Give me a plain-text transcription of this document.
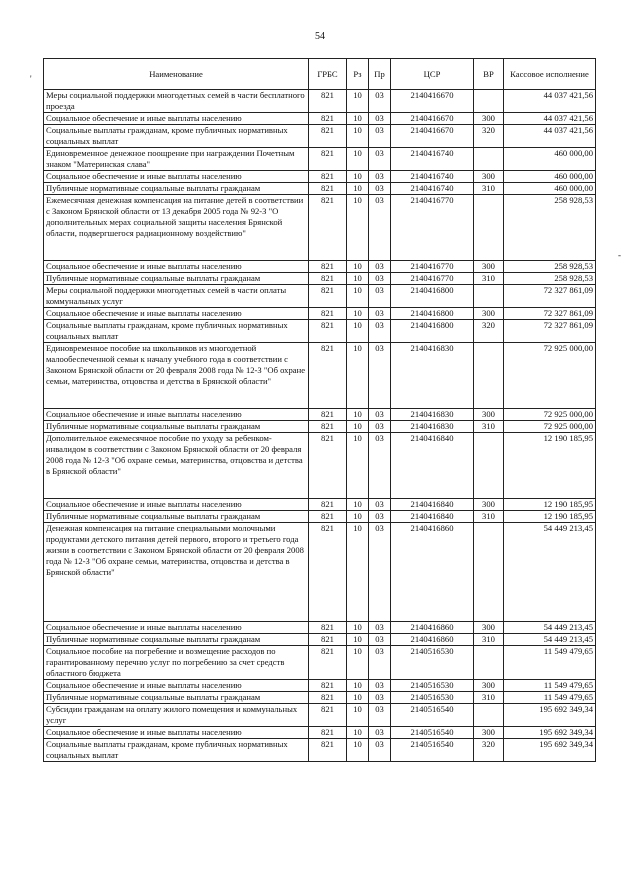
54
'
-
Наименование	ГРБС	Рз	Пр	ЦСР	ВР	Кассовое исполнение
Меры социальной поддержки многодетных семей в части бесплатного проезда	821	10	03	2140416670		44 037 421,56
Социальное обеспечение и иные выплаты населению	821	10	03	2140416670	300	44 037 421,56
Социальные выплаты гражданам, кроме публичных нормативных социальных выплат	821	10	03	2140416670	320	44 037 421,56
Единовременное денежное поощрение при награждении Почетным знаком "Материнская слава"	821	10	03	2140416740		460 000,00
Социальное обеспечение и иные выплаты населению	821	10	03	2140416740	300	460 000,00
Публичные нормативные социальные выплаты гражданам	821	10	03	2140416740	310	460 000,00
Ежемесячная денежная компенсация на питание детей в соответствии с Законом Брянской области от 13 декабря 2005 года № 92-З "О дополнительных мерах социальной защиты населения Брянской области, подвергшегося радиационному воздействию"	821	10	03	2140416770		258 928,53
Социальное обеспечение и иные выплаты населению	821	10	03	2140416770	300	258 928,53
Публичные нормативные социальные выплаты гражданам	821	10	03	2140416770	310	258 928,53
Меры социальной поддержки многодетных семей в части оплаты коммунальных услуг	821	10	03	2140416800		72 327 861,09
Социальное обеспечение и иные выплаты населению	821	10	03	2140416800	300	72 327 861,09
Социальные выплаты гражданам, кроме публичных нормативных социальных выплат	821	10	03	2140416800	320	72 327 861,09
Единовременное пособие на школьников из многодетной малообеспеченной семьи к началу учебного года в соответствии с Законом Брянской области от 20 февраля 2008 года № 12-З "Об охране семьи, материнства, отцовства и детства в Брянской области"	821	10	03	2140416830		72 925 000,00
Социальное обеспечение и иные выплаты населению	821	10	03	2140416830	300	72 925 000,00
Публичные нормативные социальные выплаты гражданам	821	10	03	2140416830	310	72 925 000,00
Дополнительное ежемесячное пособие по уходу за ребенком-инвалидом в соответствии с Законом Брянской области от 20 февраля 2008 года № 12-З "Об охране семьи, материнства, отцовства и детства в Брянской области"	821	10	03	2140416840		12 190 185,95
Социальное обеспечение и иные выплаты населению	821	10	03	2140416840	300	12 190 185,95
Публичные нормативные социальные выплаты гражданам	821	10	03	2140416840	310	12 190 185,95
Денежная компенсация на питание специальными молочными продуктами детского питания детей первого, второго и третьего года жизни в соответствии с Законом Брянской области от 20 февраля 2008 года № 12-З "Об охране семьи, материнства, отцовства и детства в Брянской области"	821	10	03	2140416860		54 449 213,45
Социальное обеспечение и иные выплаты населению	821	10	03	2140416860	300	54 449 213,45
Публичные нормативные социальные выплаты гражданам	821	10	03	2140416860	310	54 449 213,45
Социальное пособие на погребение и возмещение расходов по гарантированному перечню услуг по погребению за счет средств областного бюджета	821	10	03	2140516530		11 549 479,65
Социальное обеспечение и иные выплаты населению	821	10	03	2140516530	300	11 549 479,65
Публичные нормативные социальные выплаты гражданам	821	10	03	2140516530	310	11 549 479,65
Субсидии гражданам на оплату жилого помещения и коммунальных услуг	821	10	03	2140516540		195 692 349,34
Социальное обеспечение и иные выплаты населению	821	10	03	2140516540	300	195 692 349,34
Социальные выплаты гражданам, кроме публичных нормативных социальных выплат	821	10	03	2140516540	320	195 692 349,34
